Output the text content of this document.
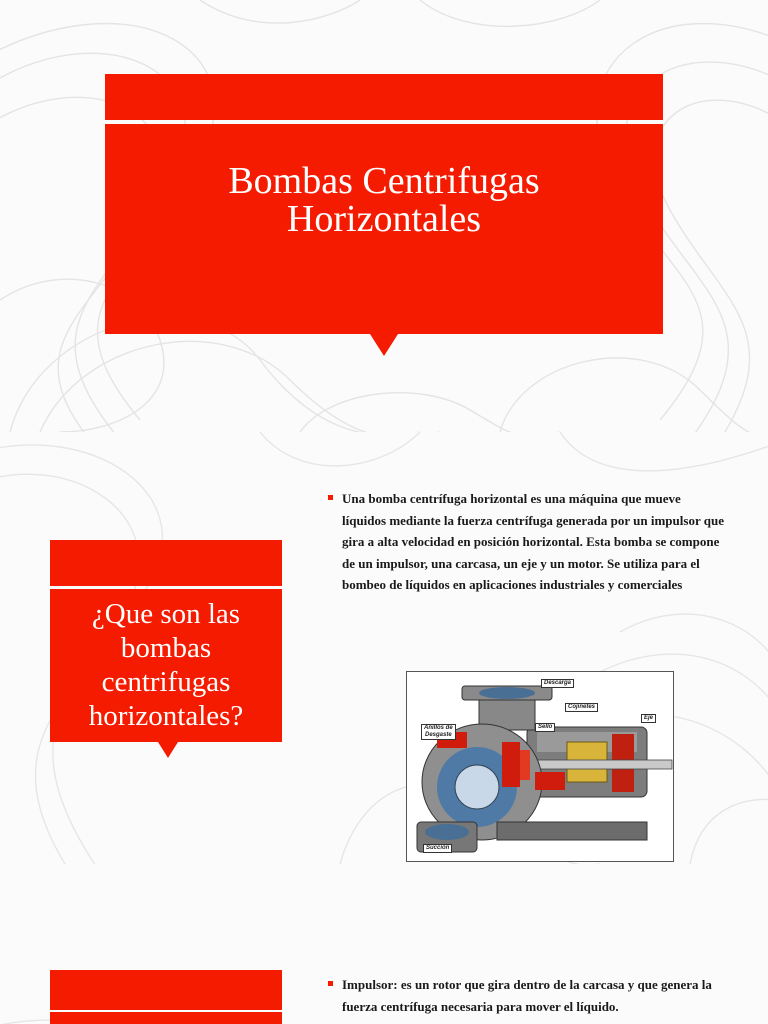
Bombas Centrifugas
Horizontales
¿Que son las
bombas
centrifugas
horizontales?
Una bomba centrífuga horizontal es una máquina que mueve líquidos mediante la fuerza centrífuga generada por un impulsor que gira a alta velocidad en posición horizontal. Esta bomba se compone de un impulsor, una carcasa, un eje y un motor. Se utiliza para el bombeo de líquidos en aplicaciones industriales y comerciales
Descarga
Cojinetes
Eje
Anillos de
Desgaste
Sello
Succión
Impulsor: es un rotor que gira dentro de la carcasa y que genera la fuerza centrífuga necesaria para mover el líquido.
